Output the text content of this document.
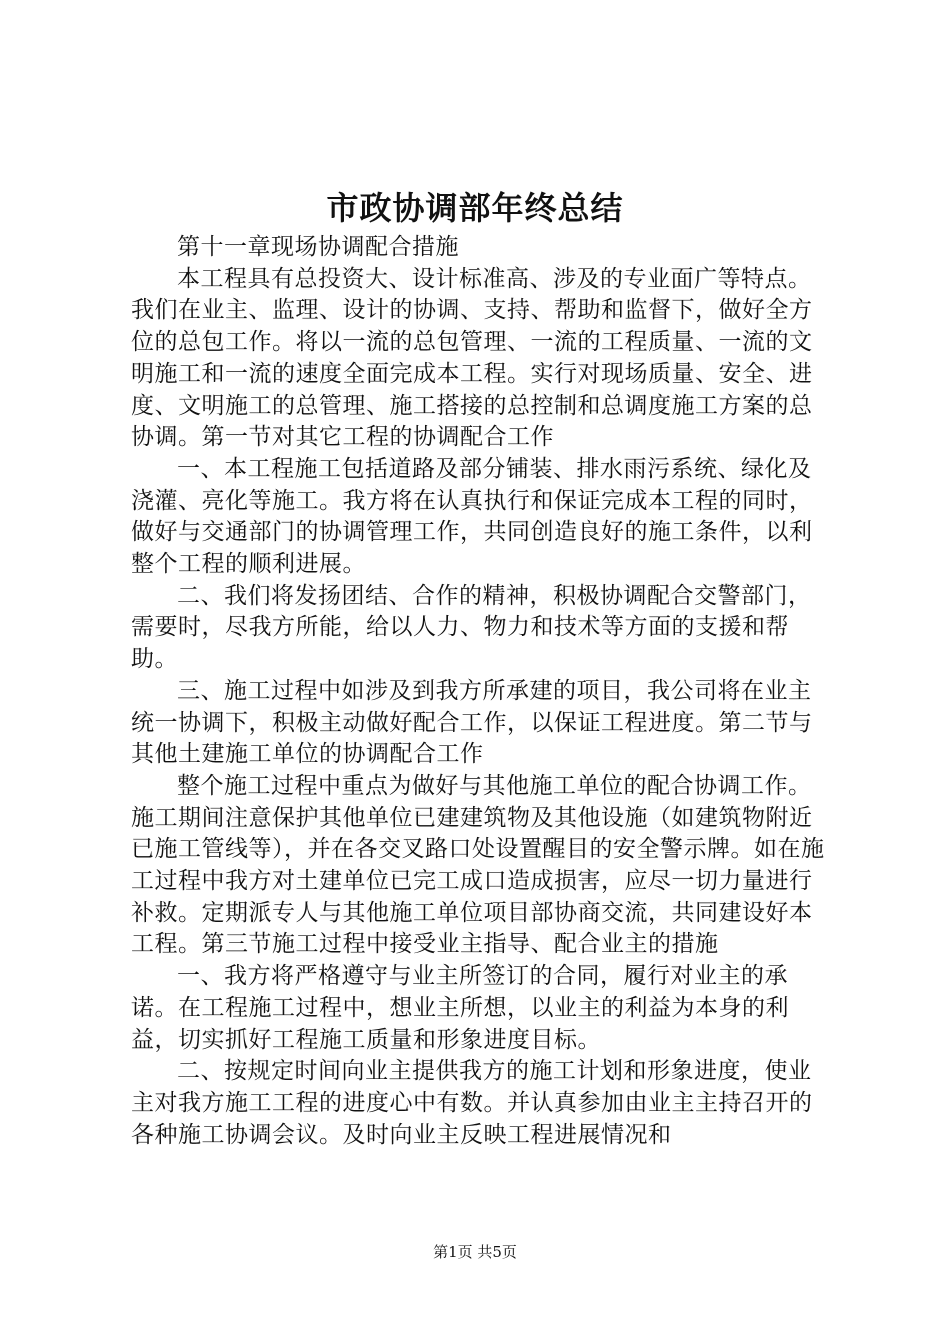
市政协调部年终总结

第十一章现场协调配合措施

本工程具有总投资大、设计标准高、涉及的专业面广等特点。我们在业主、监理、设计的协调、支持、帮助和监督下，做好全方位的总包工作。将以一流的总包管理、一流的工程质量、一流的文明施工和一流的速度全面完成本工程。实行对现场质量、安全、进度、文明施工的总管理、施工搭接的总控制和总调度施工方案的总协调。第一节对其它工程的协调配合工作

一、本工程施工包括道路及部分铺装、排水雨污系统、绿化及浇灌、亮化等施工。我方将在认真执行和保证完成本工程的同时，做好与交通部门的协调管理工作，共同创造良好的施工条件，以利整个工程的顺利进展。

二、我们将发扬团结、合作的精神，积极协调配合交警部门，需要时，尽我方所能，给以人力、物力和技术等方面的支援和帮助。

三、施工过程中如涉及到我方所承建的项目，我公司将在业主统一协调下，积极主动做好配合工作，以保证工程进度。第二节与其他土建施工单位的协调配合工作

整个施工过程中重点为做好与其他施工单位的配合协调工作。施工期间注意保护其他单位已建建筑物及其他设施（如建筑物附近已施工管线等），并在各交叉路口处设置醒目的安全警示牌。如在施工过程中我方对土建单位已完工成口造成损害，应尽一切力量进行补救。定期派专人与其他施工单位项目部协商交流，共同建设好本工程。第三节施工过程中接受业主指导、配合业主的措施

一、我方将严格遵守与业主所签订的合同，履行对业主的承诺。在工程施工过程中，想业主所想，以业主的利益为本身的利益，切实抓好工程施工质量和形象进度目标。

二、按规定时间向业主提供我方的施工计划和形象进度，使业主对我方施工工程的进度心中有数。并认真参加由业主主持召开的各种施工协调会议。及时向业主反映工程进展情况和

第1页 共5页
